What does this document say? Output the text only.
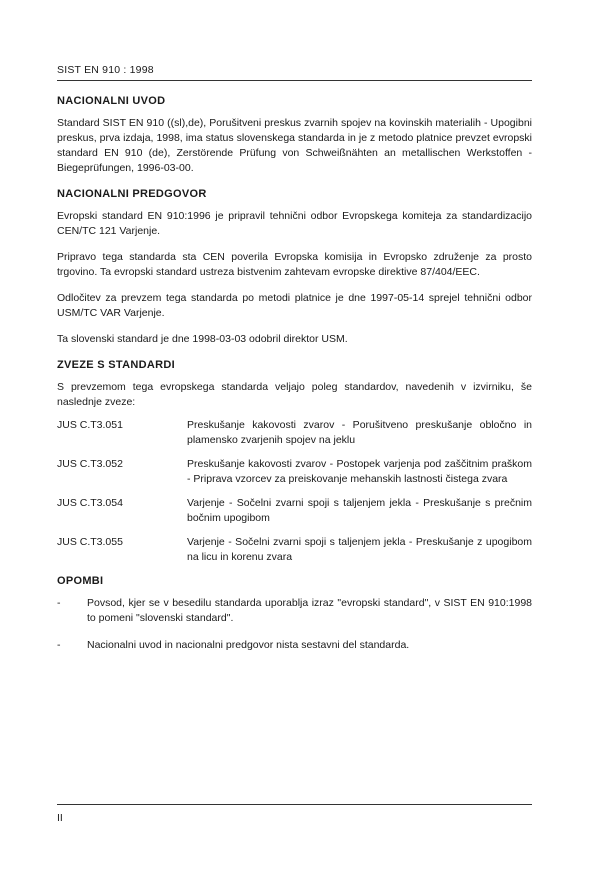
SIST EN 910 : 1998
NACIONALNI UVOD

Standard SIST EN 910 ((sl),de), Porušitveni preskus zvarnih spojev na kovinskih materialih - Upogibni preskus, prva izdaja, 1998, ima status slovenskega standarda in je z metodo platnice prevzet evropski standard EN 910 (de), Zerstörende Prüfung von Schweißnähten an metallischen Werkstoffen - Biegeprüfungen, 1996-03-00.

NACIONALNI PREDGOVOR

Evropski standard EN 910:1996 je pripravil tehnični odbor Evropskega komiteja za standardizacijo CEN/TC 121 Varjenje.

Pripravo tega standarda sta CEN poverila Evropska komisija in Evropsko združenje za prosto trgovino. Ta evropski standard ustreza bistvenim zahtevam evropske direktive 87/404/EEC.

Odločitev za prevzem tega standarda po metodi platnice je dne 1997-05-14 sprejel tehnični odbor USM/TC VAR Varjenje.

Ta slovenski standard je dne 1998-03-03 odobril direktor USM.

ZVEZE S STANDARDI

S prevzemom tega evropskega standarda veljajo poleg standardov, navedenih v izvirniku, še naslednje zveze:

JUS C.T3.051	Preskušanje kakovosti zvarov - Porušitveno preskušanje obločno in plamensko zvarjenih spojev na jeklu
JUS C.T3.052	Preskušanje kakovosti zvarov - Postopek varjenja pod zaščitnim praškom - Priprava vzorcev za preiskovanje mehanskih lastnosti čistega zvara
JUS C.T3.054	Varjenje - Sočelni zvarni spoji s taljenjem jekla - Preskušanje s prečnim bočnim upogibom
JUS C.T3.055	Varjenje - Sočelni zvarni spoji s taljenjem jekla - Preskušanje z upogibom na licu in korenu zvara
OPOMBI
-	Povsod, kjer se v besedilu standarda uporablja izraz "evropski standard", v SIST EN 910:1998 to pomeni "slovenski standard".
-	Nacionalni uvod in nacionalni predgovor nista sestavni del standarda.
II
